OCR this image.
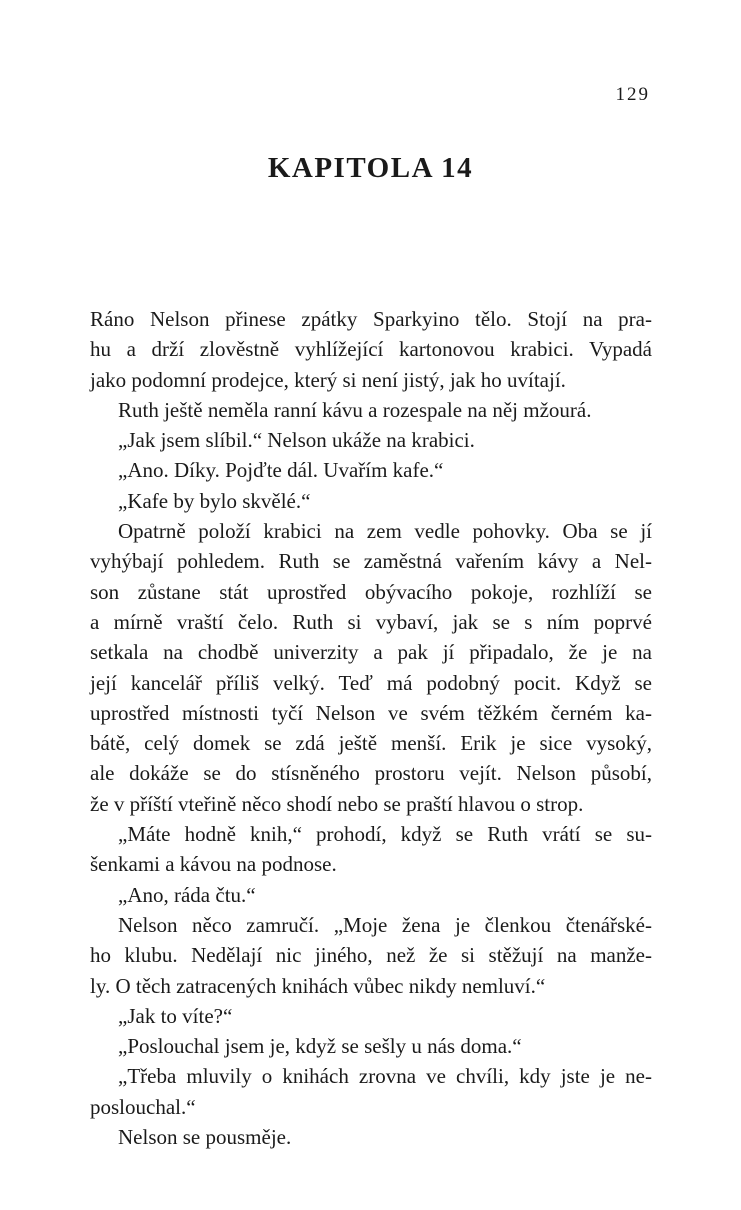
129
KAPITOLA 14
Ráno Nelson přinese zpátky Sparkyino tělo. Stojí na pra-
hu a drží zlověstně vyhlížející kartonovou krabici. Vypadá
jako podomní prodejce, který si není jistý, jak ho uvítají.
Ruth ještě neměla ranní kávu a rozespale na něj mžourá.
„Jak jsem slíbil.“ Nelson ukáže na krabici.
„Ano. Díky. Pojďte dál. Uvařím kafe.“
„Kafe by bylo skvělé.“
Opatrně položí krabici na zem vedle pohovky. Oba se jí
vyhýbají pohledem. Ruth se zaměstná vařením kávy a Nel-
son zůstane stát uprostřed obývacího pokoje, rozhlíží se
a mírně vraští čelo. Ruth si vybaví, jak se s ním poprvé
setkala na chodbě univerzity a pak jí připadalo, že je na
její kancelář příliš velký. Teď má podobný pocit. Když se
uprostřed místnosti tyčí Nelson ve svém těžkém černém ka-
bátě, celý domek se zdá ještě menší. Erik je sice vysoký,
ale dokáže se do stísněného prostoru vejít. Nelson působí,
že v příští vteřině něco shodí nebo se praští hlavou o strop.
„Máte hodně knih,“ prohodí, když se Ruth vrátí se su-
šenkami a kávou na podnose.
„Ano, ráda čtu.“
Nelson něco zamručí. „Moje žena je členkou čtenářské-
ho klubu. Nedělají nic jiného, než že si stěžují na manže-
ly. O těch zatracených knihách vůbec nikdy nemluví.“
„Jak to víte?“
„Poslouchal jsem je, když se sešly u nás doma.“
„Třeba mluvily o knihách zrovna ve chvíli, kdy jste je ne-
poslouchal.“
Nelson se pousměje.
